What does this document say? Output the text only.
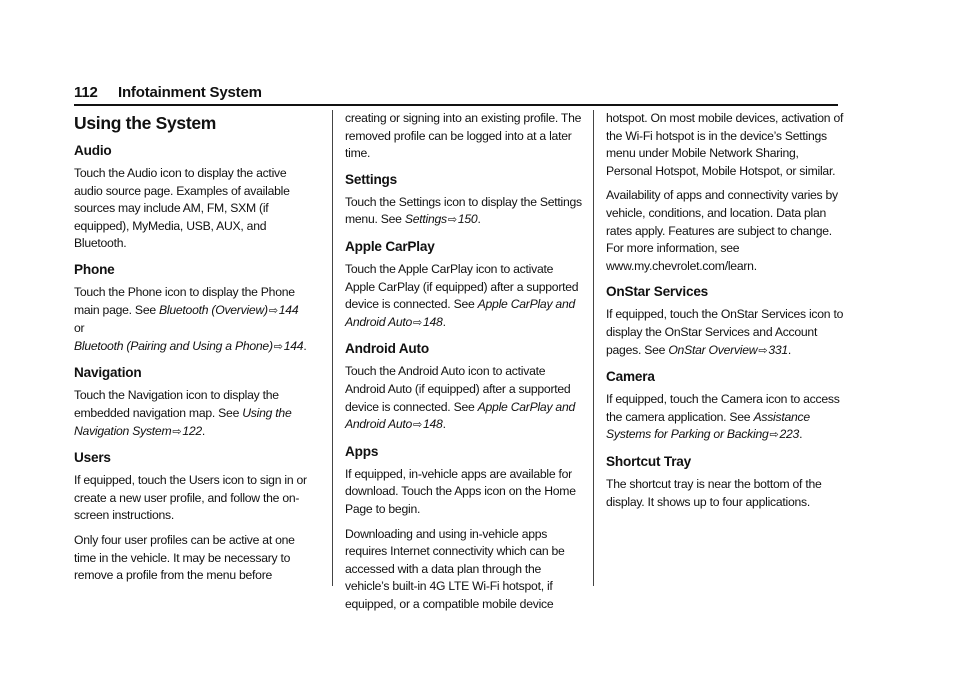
112 Infotainment System
Using the System
Audio

Touch the Audio icon to display the active audio source page. Examples of available sources may include AM, FM, SXM (if equipped), MyMedia, USB, AUX, and Bluetooth.

Phone

Touch the Phone icon to display the Phone main page. See Bluetooth (Overview)⇨144
or
Bluetooth (Pairing and Using a Phone)⇨144.

Navigation

Touch the Navigation icon to display the embedded navigation map. See Using the Navigation System⇨122.

Users

If equipped, touch the Users icon to sign in or create a new user profile, and follow the on-screen instructions.

Only four user profiles can be active at one time in the vehicle. It may be necessary to remove a profile from the menu before

creating or signing into an existing profile. The removed profile can be logged into at a later time.

Settings

Touch the Settings icon to display the Settings menu. See Settings⇨150.

Apple CarPlay

Touch the Apple CarPlay icon to activate Apple CarPlay (if equipped) after a supported device is connected. See Apple CarPlay and Android Auto⇨148.

Android Auto

Touch the Android Auto icon to activate Android Auto (if equipped) after a supported device is connected. See Apple CarPlay and Android Auto⇨148.

Apps

If equipped, in-vehicle apps are available for download. Touch the Apps icon on the Home Page to begin.

Downloading and using in-vehicle apps requires Internet connectivity which can be accessed with a data plan through the vehicle’s built-in 4G LTE Wi-Fi hotspot, if equipped, or a compatible mobile device

hotspot. On most mobile devices, activation of the Wi-Fi hotspot is in the device’s Settings menu under Mobile Network Sharing, Personal Hotspot, Mobile Hotspot, or similar.

Availability of apps and connectivity varies by vehicle, conditions, and location. Data plan rates apply. Features are subject to change. For more information, see www.my.chevrolet.com/learn.

OnStar Services

If equipped, touch the OnStar Services icon to display the OnStar Services and Account pages. See OnStar Overview⇨331.

Camera

If equipped, touch the Camera icon to access the camera application. See Assistance Systems for Parking or Backing⇨223.

Shortcut Tray

The shortcut tray is near the bottom of the display. It shows up to four applications.
